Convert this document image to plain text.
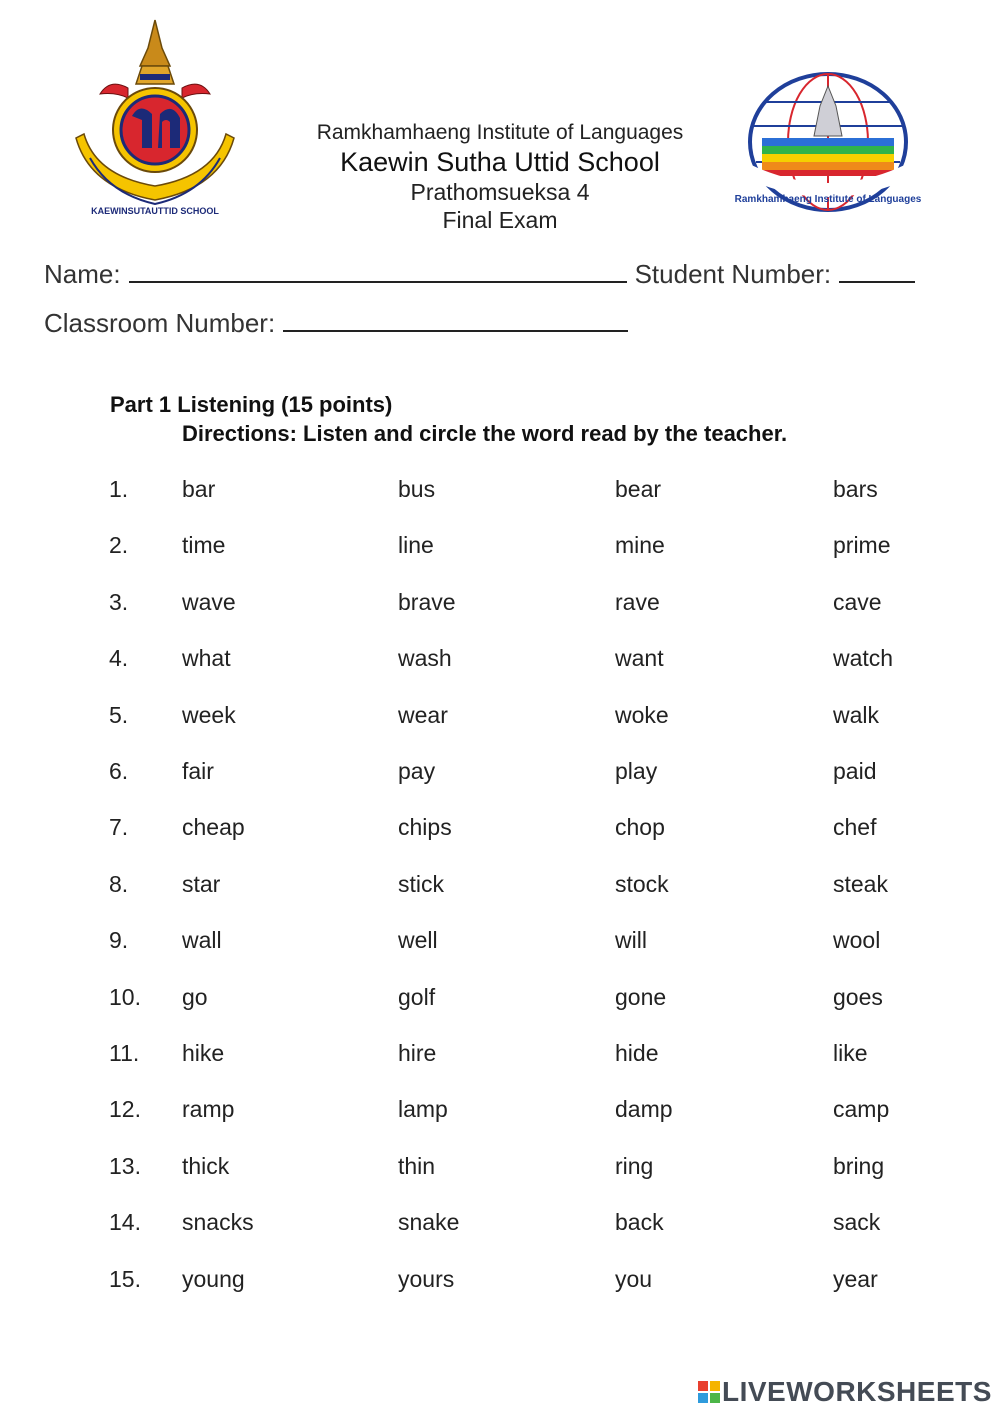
KAEWINSUTAUTTID SCHOOL
Ramkhamhaeng Institute of Languages
Ramkhamhaeng Institute of Languages
Kaewin Sutha Uttid School
Prathomsueksa 4
Final Exam
Name:	Student Number:
Classroom Number:
Part 1 Listening (15 points)
Directions: Listen and circle the word read by the teacher.
1. bar	bus	bear	bars
2. time	line	mine	prime
3. wave	brave	rave	cave
4. what	wash	want	watch
5. week	wear	woke	walk
6. fair	pay	play	paid
7. cheap	chips	chop	chef
8. star	stick	stock	steak
9. wall	well	will	wool
10. go	golf	gone	goes
11. hike	hire	hide	like
12. ramp	lamp	damp	camp
13. thick	thin	ring	bring
14. snacks	snake	back	sack
15. young	yours	you	year
LIVEWORKSHEETS
